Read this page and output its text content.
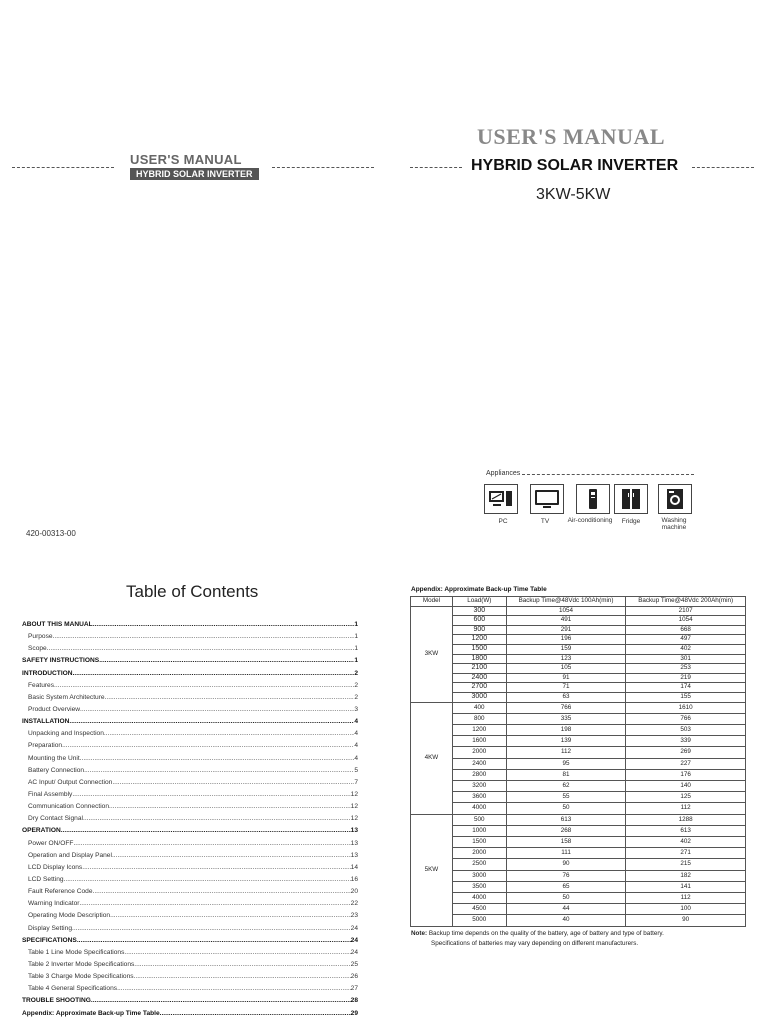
USER'S MANUAL
HYBRID SOLAR INVERTER
USER'S MANUAL
HYBRID SOLAR INVERTER
3KW-5KW
420-00313-00
Appliances
PC	TV	Air-conditioning	Fridge	Washing machine
Table of Contents
ABOUT THIS MANUAL .....	1
Purpose .....	1
Scope .....	1
SAFETY INSTRUCTIONS .....	1
INTRODUCTION .....	2
Features .....	2
Basic System Architecture .....	2
Product Overview .....	3
INSTALLATION .....	4
Unpacking and Inspection .....	4
Preparation .....	4
Mounting the Unit .....	4
Battery Connection .....	5
AC Input/ Output Connection .....	7
Final Assembly .....	12
Communication Connection .....	12
Dry Contact Signal .....	12
OPERATION .....	13
Power ON/OFF .....	13
Operation and Display Panel .....	13
LCD Display Icons .....	14
LCD Setting .....	16
Fault Reference Code .....	20
Warning Indicator .....	22
Operating Mode Description .....	23
Display Setting .....	24
SPECIFICATIONS .....	24
Table 1 Line Mode Specifications .....	24
Table 2 Inverter Mode Specifications .....	25
Table 3 Charge Mode Specifications .....	26
Table 4 General Specifications .....	27
TROUBLE SHOOTING .....	28
Appendix: Approximate Back-up Time Table .....	29
Appendix: Approximate Back-up Time Table
Model	Load(W)	Backup Time@48Vdc 100Ah(min)	Backup Time@48Vdc 200Ah(min)
3KW	300	1054	2107
	600	491	1054
	900	291	668
	1200	196	497
	1500	159	402
	1800	123	301
	2100	105	253
	2400	91	219
	2700	71	174
	3000	63	155
4KW	400	766	1610
	800	335	766
	1200	198	503
	1600	139	339
	2000	112	269
	2400	95	227
	2800	81	176
	3200	62	140
	3600	55	125
	4000	50	112
5KW	500	613	1288
	1000	268	613
	1500	158	402
	2000	111	271
	2500	90	215
	3000	76	182
	3500	65	141
	4000	50	112
	4500	44	100
	5000	40	90
Note: Backup time depends on the quality of the battery, age of battery and type of battery.
Specifications of batteries may vary depending on different manufacturers.
